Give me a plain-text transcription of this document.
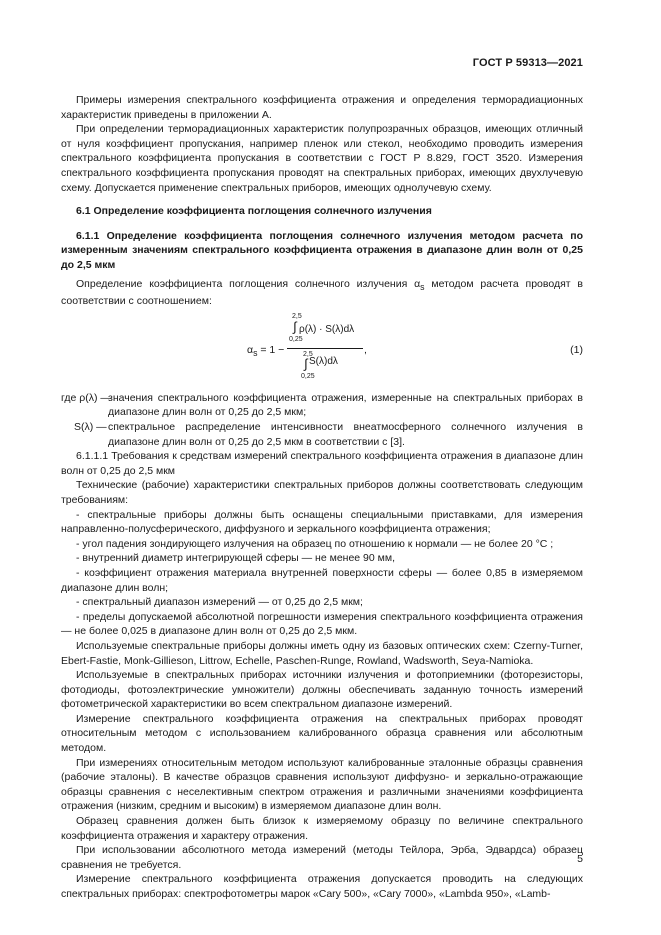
ГОСТ Р 59313—2021

Примеры измерения спектрального коэффициента отражения и определения терморадиационных характеристик приведены в приложении А.

При определении терморадиационных характеристик полупрозрачных образцов, имеющих отличный от нуля коэффициент пропускания, например пленок или стекол, необходимо проводить измерения спектрального коэффициента пропускания в соответствии с ГОСТ Р 8.829, ГОСТ 3520. Измерения спектрального коэффициента пропускания проводят на спектральных приборах, имеющих двухлучевую схему. Допускается применение спектральных приборов, имеющих однолучевую схему.

6.1 Определение коэффициента поглощения солнечного излучения

6.1.1 Определение коэффициента поглощения солнечного излучения методом расчета по измеренным значениям спектрального коэффициента отражения в диапазоне длин волн от 0,25 до 2,5 мкм

Определение коэффициента поглощения солнечного излучения $\alpha_s$ методом расчета проводят в соответствии с соотношением:

$\alpha_s = 1$ −
2,5
∫
0,25
ρ(λ) · S(λ)dλ
2,5
∫
0,25
S(λ)dλ
,	(1)
где ρ(λ) —
значения спектрального коэффициента отражения, измеренные на спектральных приборах в диапазоне длин волн от 0,25 до 2,5 мкм;
S(λ) — спектральное распределение интенсивности внеатмосферного солнечного излучения в диапазоне длин волн от 0,25 до 2,5 мкм в соответствии с [3].

6.1.1.1 Требования к средствам измерений спектрального коэффициента отражения в диапазоне длин волн от 0,25 до 2,5 мкм

Технические (рабочие) характеристики спектральных приборов должны соответствовать следующим требованиям:

- спектральные приборы должны быть оснащены специальными приставками, для измерения направленно-полусферического, диффузного и зеркального коэффициента отражения;

- угол падения зондирующего излучения на образец по отношению к нормали — не более 20 °С ;

- внутренний диаметр интегрирующей сферы — не менее 90 мм,

- коэффициент отражения материала внутренней поверхности сферы — более 0,85 в измеряемом диапазоне длин волн;

- спектральный диапазон измерений — от 0,25 до 2,5 мкм;

- пределы допускаемой абсолютной погрешности измерения спектрального коэффициента отражения — не более 0,025 в диапазоне длин волн от 0,25 до 2,5 мкм.

Используемые спектральные приборы должны иметь одну из базовых оптических схем: Czerny-Turner, Ebert-Fastie, Monk-Gillieson, Littrow, Echelle, Paschen-Runge, Rowland, Wadsworth, Seya-Namioka.

Используемые в спектральных приборах источники излучения и фотоприемники (фоторезисторы, фотодиоды, фотоэлектрические умножители) должны обеспечивать заданную точность измерений фотометрической характеристики во всем спектральном диапазоне измерений.

Измерение спектрального коэффициента отражения на спектральных приборах проводят относительным методом с использованием калиброванного образца сравнения или абсолютным методом.

При измерениях относительным методом используют калиброванные эталонные образцы сравнения (рабочие эталоны). В качестве образцов сравнения используют диффузно- и зеркально-отражающие образцы сравнения с неселективным спектром отражения и различными значениями коэффициента отражения (низким, средним и высоким) в измеряемом диапазоне длин волн.

Образец сравнения должен быть близок к измеряемому образцу по величине спектрального коэффициента отражения и характеру отражения.

При использовании абсолютного метода измерений (методы Тейлора, Эрба, Эдвардса) образец сравнения не требуется.

Измерение спектрального коэффициента отражения допускается проводить на следующих спектральных приборах: спектрофотометры марок «Cary 500», «Cary 7000», «Lambda 950», «Lamb-

5
